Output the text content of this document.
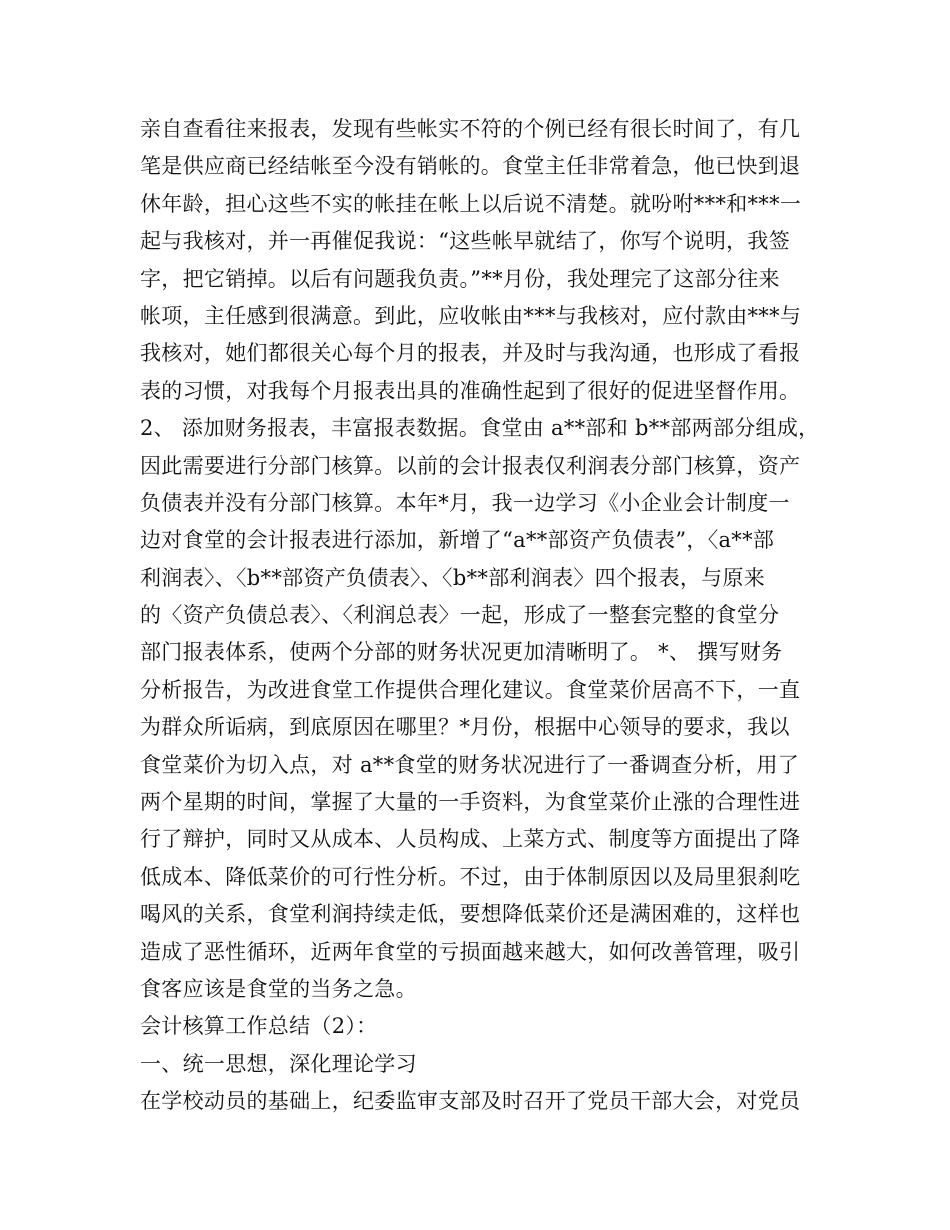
亲自查看往来报表，发现有些帐实不符的个例已经有很长时间了，有几
笔是供应商已经结帐至今没有销帐的。食堂主任非常着急，他已快到退
休年龄，担心这些不实的帐挂在帐上以后说不清楚。就吩咐***和***一
起与我核对，并一再催促我说：“这些帐早就结了，你写个说明，我签
字，把它销掉。以后有问题我负责。”**月份，我处理完了这部分往来
帐项，主任感到很满意。到此，应收帐由***与我核对，应付款由***与
我核对，她们都很关心每个月的报表，并及时与我沟通，也形成了看报
表的习惯，对我每个月报表出具的准确性起到了很好的促进坚督作用。
2、 添加财务报表，丰富报表数据。食堂由 a**部和 b**部两部分组成，
因此需要进行分部门核算。以前的会计报表仅利润表分部门核算，资产
负债表并没有分部门核算。本年*月，我一边学习《小企业会计制度一
边对食堂的会计报表进行添加，新增了“a**部资产负债表”，〈a**部
利润表〉、〈b**部资产负债表〉、〈b**部利润表〉四个报表，与原来
的〈资产负债总表〉、〈利润总表〉一起，形成了一整套完整的食堂分
部门报表体系，使两个分部的财务状况更加清晰明了。 *、 撰写财务
分析报告，为改进食堂工作提供合理化建议。食堂菜价居高不下，一直
为群众所诟病，到底原因在哪里？*月份，根据中心领导的要求，我以
食堂菜价为切入点，对 a**食堂的财务状况进行了一番调查分析，用了
两个星期的时间，掌握了大量的一手资料，为食堂菜价止涨的合理性进
行了辩护，同时又从成本、人员构成、上菜方式、制度等方面提出了降
低成本、降低菜价的可行性分析。不过，由于体制原因以及局里狠刹吃
喝风的关系，食堂利润持续走低，要想降低菜价还是满困难的，这样也
造成了恶性循环，近两年食堂的亏损面越来越大，如何改善管理，吸引
食客应该是食堂的当务之急。
会计核算工作总结（2）：
一、统一思想，深化理论学习
在学校动员的基础上，纪委监审支部及时召开了党员干部大会，对党员
